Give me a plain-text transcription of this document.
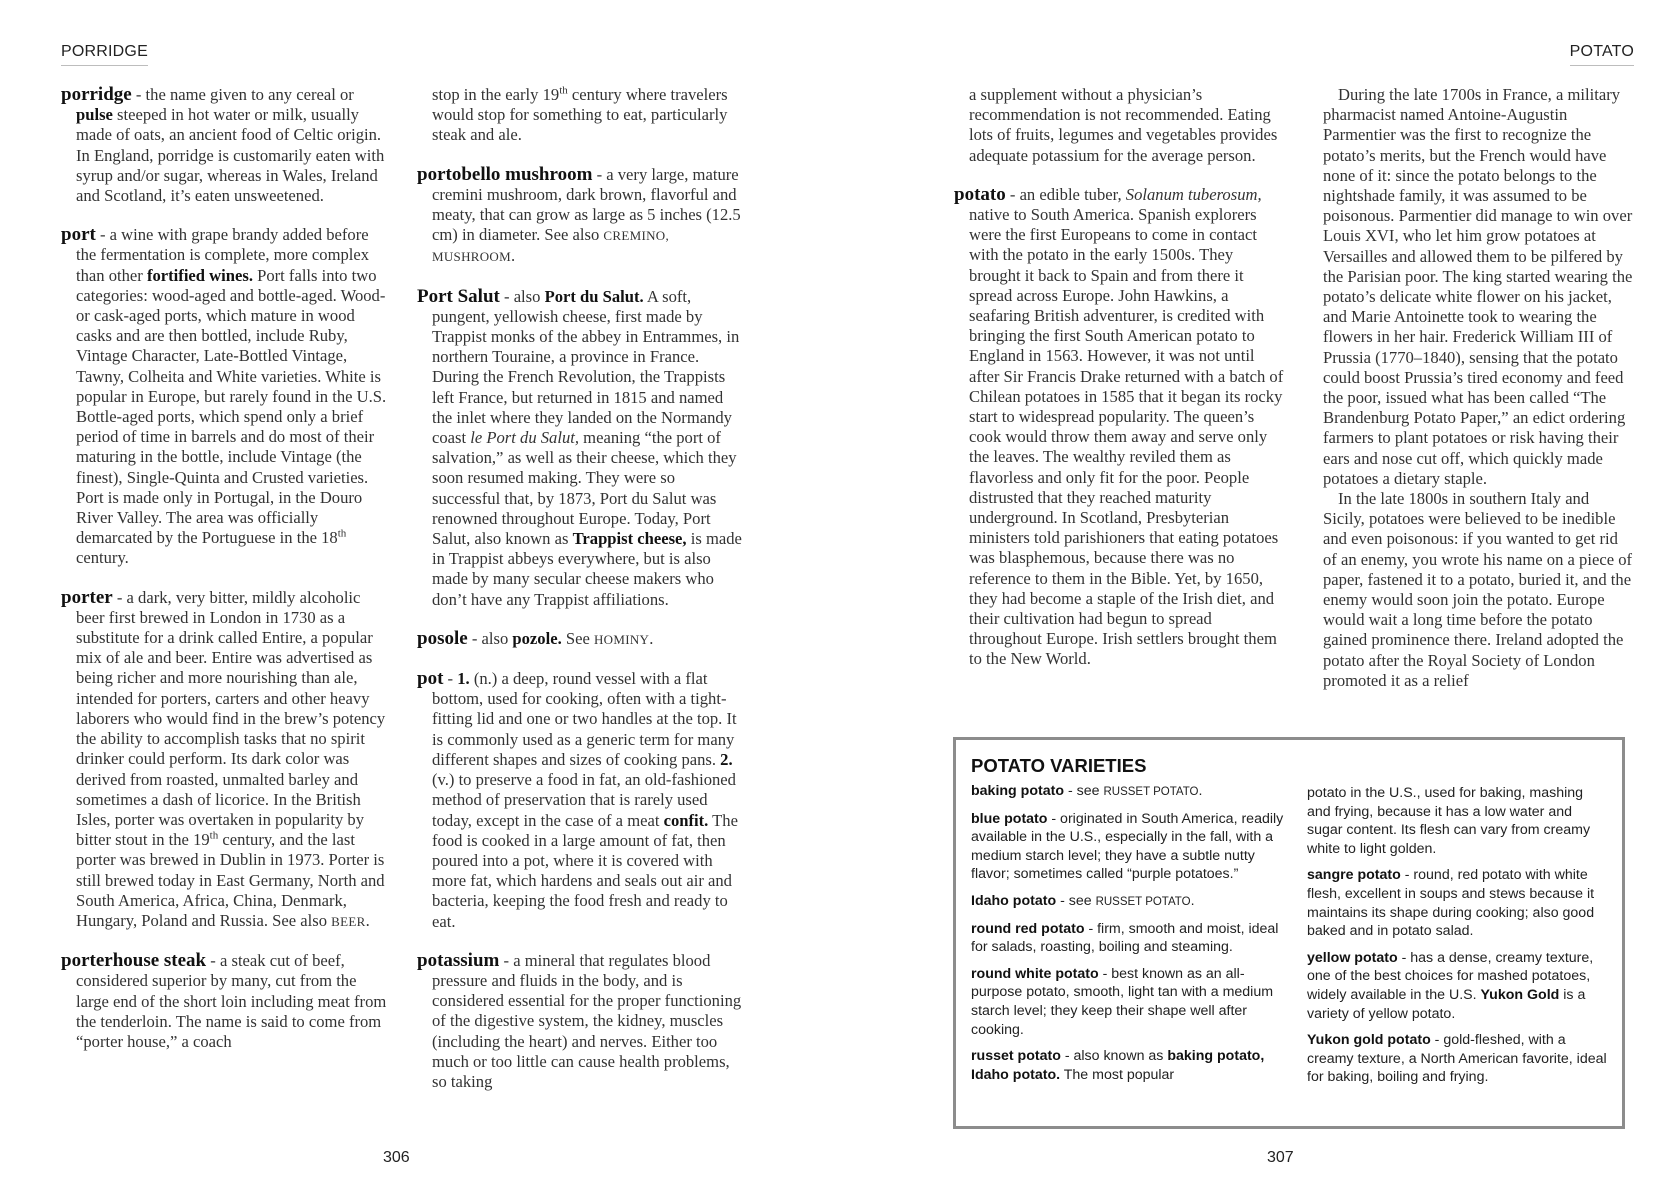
PORRIDGE	POTATO

porridge - the name given to any cereal or pulse steeped in hot water or milk, usually made of oats, an ancient food of Celtic origin. In England, porridge is customarily eaten with syrup and/or sugar, whereas in Wales, Ireland and Scotland, it’s eaten unsweetened.

port - a wine with grape brandy added before the fermentation is complete, more complex than other fortified wines. Port falls into two categories: wood-aged and bottle-aged. Wood- or cask-aged ports, which mature in wood casks and are then bottled, include Ruby, Vintage Character, Late-Bottled Vintage, Tawny, Colheita and White varieties. White is popular in Europe, but rarely found in the U.S. Bottle-aged ports, which spend only a brief period of time in barrels and do most of their maturing in the bottle, include Vintage (the finest), Single-Quinta and Crusted varieties. Port is made only in Portugal, in the Douro River Valley. The area was officially demarcated by the Portuguese in the 18th century.

porter - a dark, very bitter, mildly alcoholic beer first brewed in London in 1730 as a substitute for a drink called Entire, a popular mix of ale and beer. Entire was advertised as being richer and more nourishing than ale, intended for porters, carters and other heavy laborers who would find in the brew’s potency the ability to accomplish tasks that no spirit drinker could perform. Its dark color was derived from roasted, unmalted barley and sometimes a dash of licorice. In the British Isles, porter was overtaken in popularity by bitter stout in the 19th century, and the last porter was brewed in Dublin in 1973. Porter is still brewed today in East Germany, North and South America, Africa, China, Denmark, Hungary, Poland and Russia. See also BEER.

porterhouse steak - a steak cut of beef, considered superior by many, cut from the large end of the short loin including meat from the tenderloin. The name is said to come from “porter house,” a coach

stop in the early 19th century where travelers would stop for something to eat, particularly steak and ale.

portobello mushroom - a very large, mature cremini mushroom, dark brown, flavorful and meaty, that can grow as large as 5 inches (12.5 cm) in diameter. See also CREMINO, MUSHROOM.

Port Salut - also Port du Salut. A soft, pungent, yellowish cheese, first made by Trappist monks of the abbey in Entrammes, in northern Touraine, a province in France. During the French Revolution, the Trappists left France, but returned in 1815 and named the inlet where they landed on the Normandy coast le Port du Salut, meaning “the port of salvation,” as well as their cheese, which they soon resumed making. They were so successful that, by 1873, Port du Salut was renowned throughout Europe. Today, Port Salut, also known as Trappist cheese, is made in Trappist abbeys everywhere, but is also made by many secular cheese makers who don’t have any Trappist affiliations.

posole - also pozole. See HOMINY.

pot - 1. (n.) a deep, round vessel with a flat bottom, used for cooking, often with a tight-fitting lid and one or two handles at the top. It is commonly used as a generic term for many different shapes and sizes of cooking pans. 2. (v.) to preserve a food in fat, an old-fashioned method of preservation that is rarely used today, except in the case of a meat confit. The food is cooked in a large amount of fat, then poured into a pot, where it is covered with more fat, which hardens and seals out air and bacteria, keeping the food fresh and ready to eat.

potassium - a mineral that regulates blood pressure and fluids in the body, and is considered essential for the proper functioning of the digestive system, the kidney, muscles (including the heart) and nerves. Either too much or too little can cause health problems, so taking

a supplement without a physician’s recommendation is not recommended. Eating lots of fruits, legumes and vegetables provides adequate potassium for the average person.

potato - an edible tuber, Solanum tuberosum, native to South America. Spanish explorers were the first Europeans to come in contact with the potato in the early 1500s. They brought it back to Spain and from there it spread across Europe. John Hawkins, a seafaring British adventurer, is credited with bringing the first South American potato to England in 1563. However, it was not until after Sir Francis Drake returned with a batch of Chilean potatoes in 1585 that it began its rocky start to widespread popularity. The queen’s cook would throw them away and serve only the leaves. The wealthy reviled them as flavorless and only fit for the poor. People distrusted that they reached maturity underground. In Scotland, Presbyterian ministers told parishioners that eating potatoes was blasphemous, because there was no reference to them in the Bible. Yet, by 1650, they had become a staple of the Irish diet, and their cultivation had begun to spread throughout Europe. Irish settlers brought them to the New World.

During the late 1700s in France, a military pharmacist named Antoine-Augustin Parmentier was the first to recognize the potato’s merits, but the French would have none of it: since the potato belongs to the nightshade family, it was assumed to be poisonous. Parmentier did manage to win over Louis XVI, who let him grow potatoes at Versailles and allowed them to be pilfered by the Parisian poor. The king started wearing the potato’s delicate white flower on his jacket, and Marie Antoinette took to wearing the flowers in her hair. Frederick William III of Prussia (1770–1840), sensing that the potato could boost Prussia’s tired economy and feed the poor, issued what has been called “The Brandenburg Potato Paper,” an edict ordering farmers to plant potatoes or risk having their ears and nose cut off, which quickly made potatoes a dietary staple.

In the late 1800s in southern Italy and Sicily, potatoes were believed to be inedible and even poisonous: if you wanted to get rid of an enemy, you wrote his name on a piece of paper, fastened it to a potato, buried it, and the enemy would soon join the potato. Europe would wait a long time before the potato gained prominence there. Ireland adopted the potato after the Royal Society of London promoted it as a relief

POTATO VARIETIES

baking potato - see RUSSET POTATO.

blue potato - originated in South America, readily available in the U.S., especially in the fall, with a medium starch level; they have a subtle nutty flavor; sometimes called “purple potatoes.”

Idaho potato - see RUSSET POTATO.

round red potato - firm, smooth and moist, ideal for salads, roasting, boiling and steaming.

round white potato - best known as an all-purpose potato, smooth, light tan with a medium starch level; they keep their shape well after cooking.

russet potato - also known as baking potato, Idaho potato. The most popular

potato in the U.S., used for baking, mashing and frying, because it has a low water and sugar content. Its flesh can vary from creamy white to light golden.

sangre potato - round, red potato with white flesh, excellent in soups and stews because it maintains its shape during cooking; also good baked and in potato salad.

yellow potato - has a dense, creamy texture, one of the best choices for mashed potatoes, widely available in the U.S. Yukon Gold is a variety of yellow potato.

Yukon gold potato - gold-fleshed, with a creamy texture, a North American favorite, ideal for baking, boiling and frying.

306	307
